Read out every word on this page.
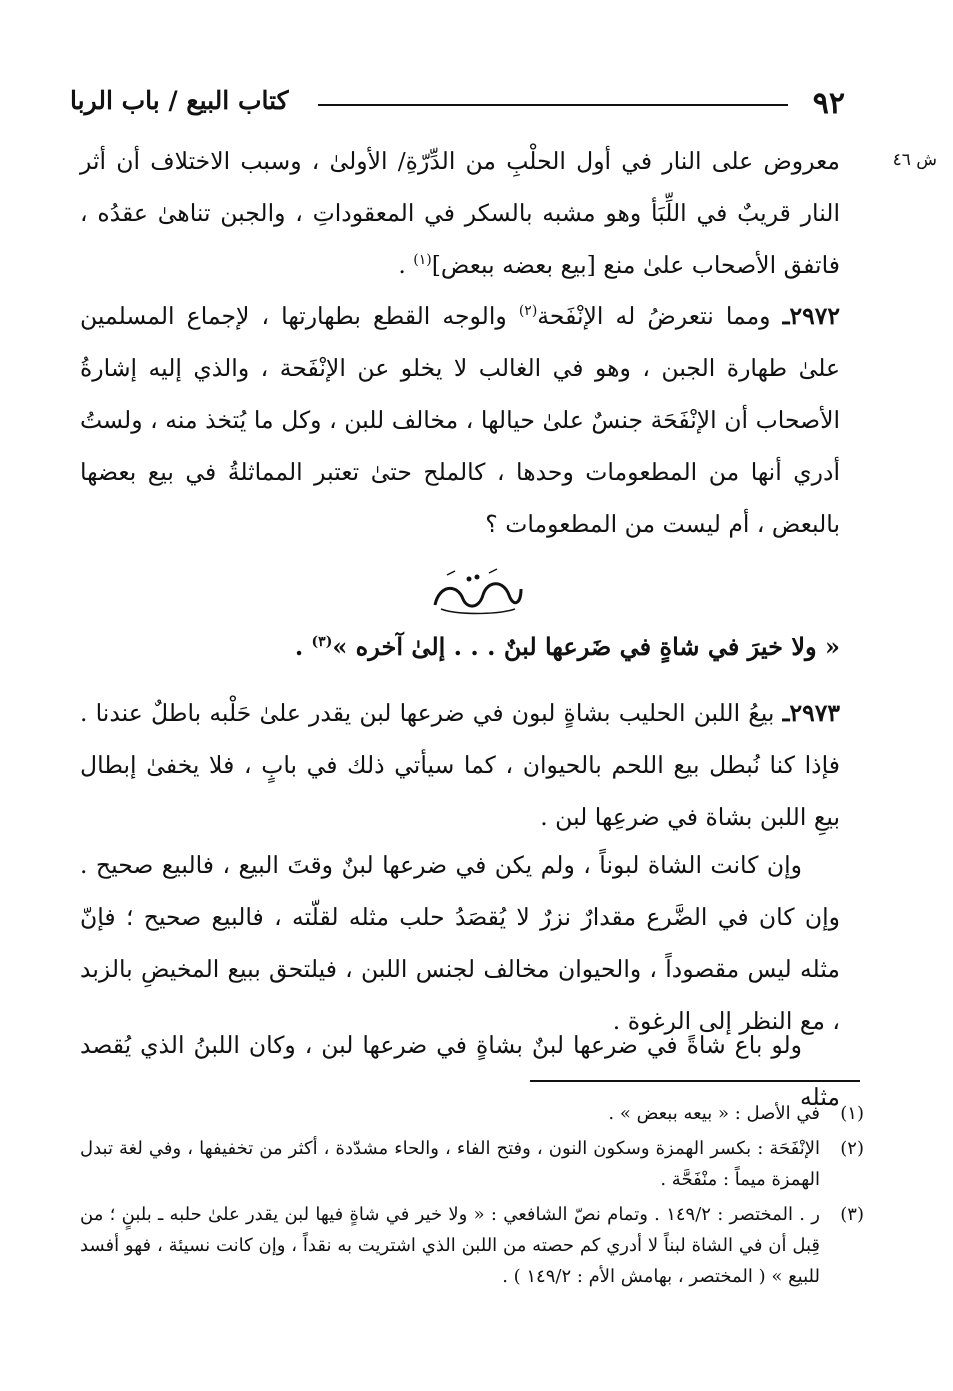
٩٢
كتاب البيع / باب الربا
ش ٤٦

معروض على النار في أول الحلْبِ من الدِّرّةِ/ الأولىٰ ، وسبب الاختلاف أن أثر النار قريبٌ في اللِّبَأ وهو مشبه بالسكر في المعقوداتِ ، والجبن تناهىٰ عقدُه ، فاتفق الأصحاب علىٰ منع [بيع بعضه ببعض]$^{(١)}$ .

٢٩٧٢ـ ومما نتعرضُ له الإنْفَحة$^{(٢)}$ والوجه القطع بطهارتها ، لإجماع المسلمين علىٰ طهارة الجبن ، وهو في الغالب لا يخلو عن الإنْفَحة ، والذي إليه إشارةُ الأصحاب أن الإنْفَحَة جنسٌ علىٰ حيالها ، مخالف للبن ، وكل ما يُتخذ منه ، ولستُ أدري أنها من المطعومات وحدها ، كالملح حتىٰ تعتبر المماثلةُ في بيع بعضها بالبعض ، أم ليست من المطعومات ؟

فَصْلٌ
« ولا خيرَ في شاةٍ في ضَرعها لبنٌ . . . إلىٰ آخره »$^{(٣)}$ .

٢٩٧٣ـ بيعُ اللبن الحليب بشاةٍ لبون في ضرعها لبن يقدر علىٰ حَلْبه باطلٌ عندنا . فإذا كنا نُبطل بيع اللحم بالحيوان ، كما سيأتي ذلك في بابٍ ، فلا يخفىٰ إبطال بيعِ اللبن بشاة في ضرعِها لبن .

وإن كانت الشاة لبوناً ، ولم يكن في ضرعها لبنٌ وقتَ البيع ، فالبيع صحيح . وإن كان في الضَّرع مقدارٌ نزرٌ لا يُقصَدُ حلب مثله لقلّته ، فالبيع صحيح ؛ فإنّ مثله ليس مقصوداً ، والحيوان مخالف لجنس اللبن ، فيلتحق ببيع المخيضِ بالزبد ، مع النظر إلى الرغوة .

ولو باع شاةً في ضرعها لبنٌ بشاةٍ في ضرعها لبن ، وكان اللبنُ الذي يُقصد مثله

(١)
في الأصل : « بيعه ببعض » .
(٢)
الإنْفَحَة : بكسر الهمزة وسكون النون ، وفتح الفاء ، والحاء مشدّدة ، أكثر من تخفيفها ، وفي لغة تبدل الهمزة ميماً : منْفَحَّة .
(٣)
ر . المختصر : ١٤٩/٢ . وتمام نصّ الشافعي : « ولا خير في شاةٍ فيها لبن يقدر علىٰ حلبه ـ بلبنٍ ؛ من قِبل أن في الشاة لبناً لا أدري كم حصته من اللبن الذي اشتريت به نقداً ، وإن كانت نسيئة ، فهو أفسد للبيع » ( المختصر ، بهامش الأم : ١٤٩/٢ ) .
